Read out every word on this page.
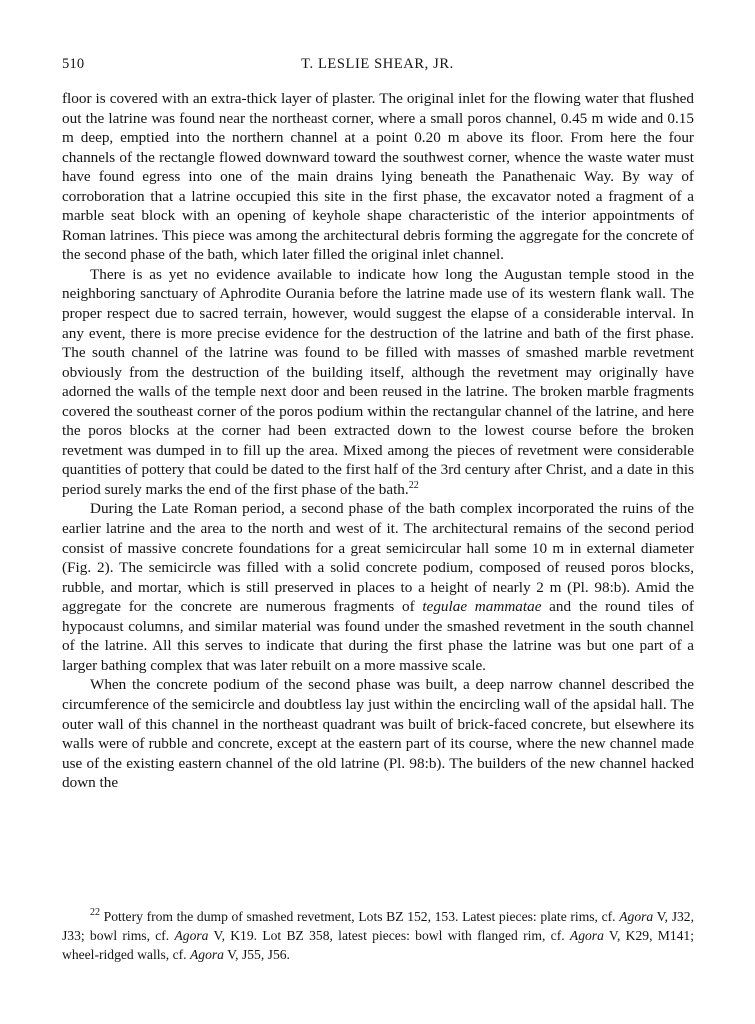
510	T. LESLIE SHEAR, JR.

floor is covered with an extra-thick layer of plaster. The original inlet for the flowing water that flushed out the latrine was found near the northeast corner, where a small poros channel, 0.45 m wide and 0.15 m deep, emptied into the northern channel at a point 0.20 m above its floor. From here the four channels of the rectangle flowed downward toward the southwest corner, whence the waste water must have found egress into one of the main drains lying beneath the Panathenaic Way. By way of corroboration that a latrine occupied this site in the first phase, the excavator noted a fragment of a marble seat block with an opening of keyhole shape characteristic of the interior appointments of Roman latrines. This piece was among the architectural debris forming the aggregate for the concrete of the second phase of the bath, which later filled the original inlet channel.

There is as yet no evidence available to indicate how long the Augustan temple stood in the neighboring sanctuary of Aphrodite Ourania before the latrine made use of its western flank wall. The proper respect due to sacred terrain, however, would suggest the elapse of a considerable interval. In any event, there is more precise evidence for the destruction of the latrine and bath of the first phase. The south channel of the latrine was found to be filled with masses of smashed marble revetment obviously from the destruction of the building itself, although the revetment may originally have adorned the walls of the temple next door and been reused in the latrine. The broken marble fragments covered the southeast corner of the poros podium within the rectangular channel of the latrine, and here the poros blocks at the corner had been extracted down to the lowest course before the broken revetment was dumped in to fill up the area. Mixed among the pieces of revetment were considerable quantities of pottery that could be dated to the first half of the 3rd century after Christ, and a date in this period surely marks the end of the first phase of the bath.$^{22}$

During the Late Roman period, a second phase of the bath complex incorporated the ruins of the earlier latrine and the area to the north and west of it. The architectural remains of the second period consist of massive concrete foundations for a great semicircular hall some 10 m in external diameter (Fig. 2). The semicircle was filled with a solid concrete podium, composed of reused poros blocks, rubble, and mortar, which is still preserved in places to a height of nearly 2 m (Pl. 98:b). Amid the aggregate for the concrete are numerous fragments of tegulae mammatae and the round tiles of hypocaust columns, and similar material was found under the smashed revetment in the south channel of the latrine. All this serves to indicate that during the first phase the latrine was but one part of a larger bathing complex that was later rebuilt on a more massive scale.

When the concrete podium of the second phase was built, a deep narrow channel described the circumference of the semicircle and doubtless lay just within the encircling wall of the apsidal hall. The outer wall of this channel in the northeast quadrant was built of brick-faced concrete, but elsewhere its walls were of rubble and concrete, except at the eastern part of its course, where the new channel made use of the existing eastern channel of the old latrine (Pl. 98:b). The builders of the new channel hacked down the

$^{22}$ Pottery from the dump of smashed revetment, Lots BZ 152, 153. Latest pieces: plate rims, cf. Agora V, J32, J33; bowl rims, cf. Agora V, K19. Lot BZ 358, latest pieces: bowl with flanged rim, cf. Agora V, K29, M141; wheel-ridged walls, cf. Agora V, J55, J56.
